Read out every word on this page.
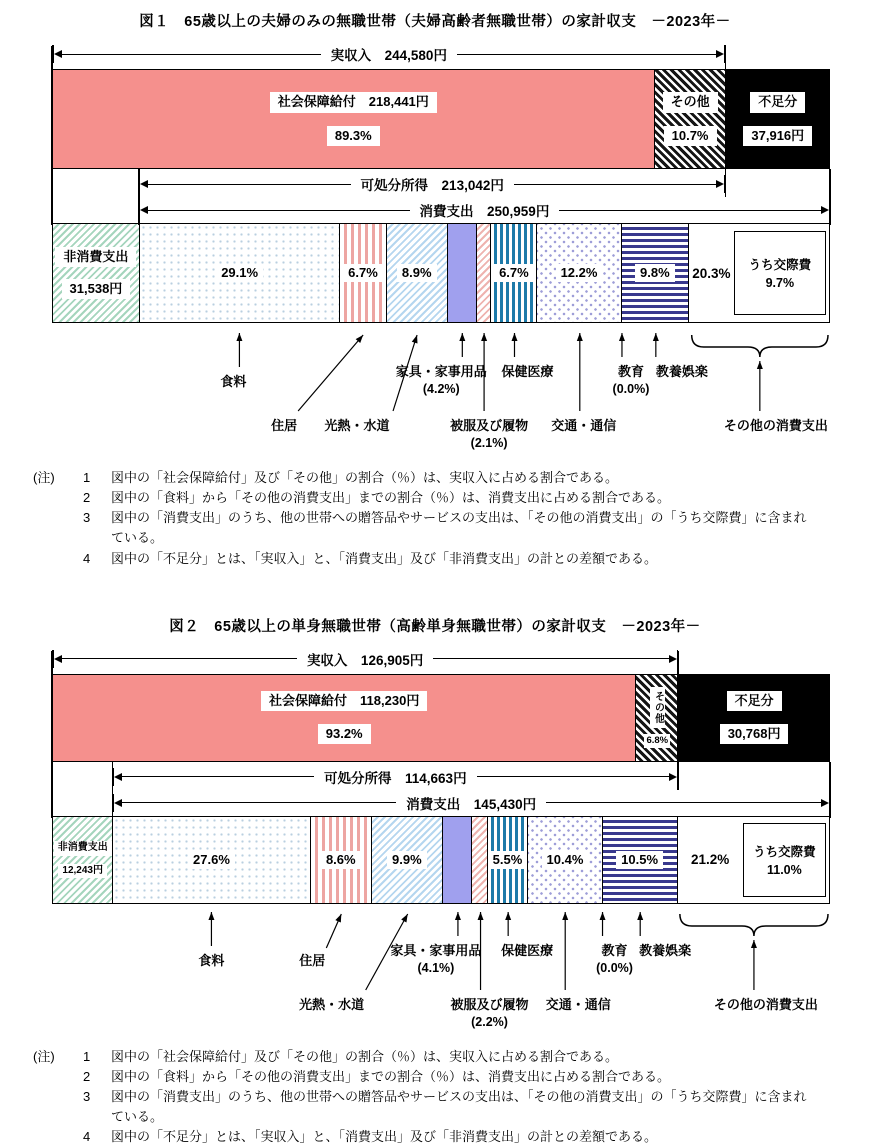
図１　65歳以上の夫婦のみの無職世帯（夫婦高齢者無職世帯）の家計収支　－2023年－
実収入　244,580円
可処分所得　213,042円
消費支出　250,959円
社会保障給付　218,441円
89.3%
その他
10.7%
不足分
37,916円
非消費支出
31,538円
29.1%	6.7%	8.9%	6.7%	12.2%	9.8%	20.3%
うち交際費
9.7%
食料
住居 光熱・水道
家具・家事用品
(4.2%)
被服及び履物
(2.1%)
保健医療
交通・通信
教育
(0.0%)
教養娯楽
その他の消費支出
(注)	1	図中の「社会保障給付」及び「その他」の割合（％）は、実収入に占める割合である。
2	図中の「食料」から「その他の消費支出」までの割合（％）は、消費支出に占める割合である。
3	図中の「消費支出」のうち、他の世帯への贈答品やサービスの支出は、「その他の消費支出」の「うち交際費」に含まれている。
4	図中の「不足分」とは、「実収入」と、「消費支出」及び「非消費支出」の計との差額である。
図２　65歳以上の単身無職世帯（高齢単身無職世帯）の家計収支　－2023年－
実収入　126,905円
可処分所得　114,663円
消費支出　145,430円
社会保障給付　118,230円
93.2%
その他
6.8%
不足分
30,768円
非消費支出
12,243円
27.6%	8.6%	9.9%	5.5%	10.4%	10.5%	21.2%
うち交際費
11.0%
食料	住居
光熱・水道
家具・家事用品
(4.1%)
被服及び履物
(2.2%)
保健医療
交通・通信
教育
(0.0%)
教養娯楽
その他の消費支出
(注)	1	図中の「社会保障給付」及び「その他」の割合（％）は、実収入に占める割合である。
2	図中の「食料」から「その他の消費支出」までの割合（％）は、消費支出に占める割合である。
3	図中の「消費支出」のうち、他の世帯への贈答品やサービスの支出は、「その他の消費支出」の「うち交際費」に含まれている。
4	図中の「不足分」とは、「実収入」と、「消費支出」及び「非消費支出」の計との差額である。
